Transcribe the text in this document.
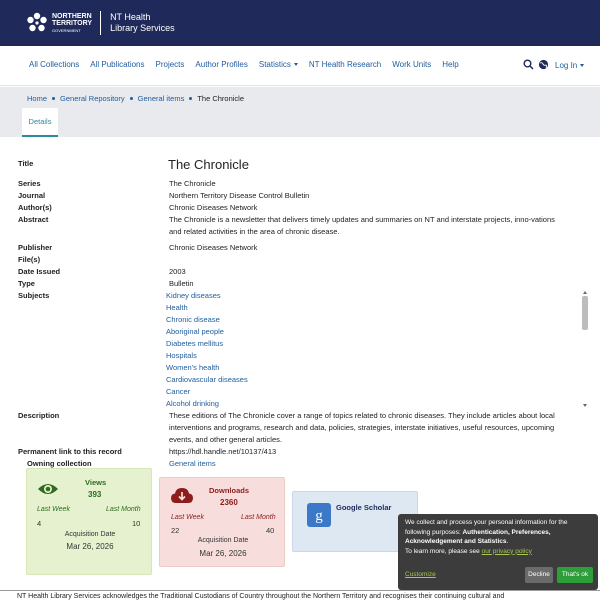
NORTHERN
TERRITORY
GOVERNMENT
NT Health
Library Services
All Collections All Publications Projects Author Profiles Statistics	NT Health Research Work Units Help	Log In
Home General Repository General items The Chronicle
Details
Title	The Chronicle
Series	The Chronicle
Journal	Northern Territory Disease Control Bulletin
Author(s)	Chronic Diseases Network
Abstract	The Chronicle is a newsletter that delivers timely updates and summaries on NT and interstate projects, inno-vations and related activities in the area of chronic disease.
Publisher	Chronic Diseases Network
File(s)
Date Issued	2003
Type	Bulletin
Subjects	Kidney diseases
Health
Chronic disease
Aboriginal people
Diabetes mellitus
Hospitals
Women's health
Cardiovascular diseases
Cancer
Alcohol drinking
Description	These editions of The Chronicle cover a range of topics related to chronic diseases. They include articles about local interventions and programs, research and data, policies, strategies, interstate initiatives, useful resources, upcoming events, and other general articles.
Permanent link to this record	https://hdl.handle.net/10137/413
Owning collection	General items
Views
393
Last Week	Last Month
4	10
Acquisition Date
Mar 26, 2026
Downloads
2360
Last Week	Last Month
22	40
Acquisition Date
Mar 26, 2026
g
Google Scholar
We collect and process your personal information for the following purposes: Authentication, Preferences, Acknowledgement and Statistics.
To learn more, please see our privacy policy
Customize	Decline	That's ok
NT Health Library Services acknowledges the Traditional Custodians of Country throughout the Northern Territory and recognises their continuing cultural and
